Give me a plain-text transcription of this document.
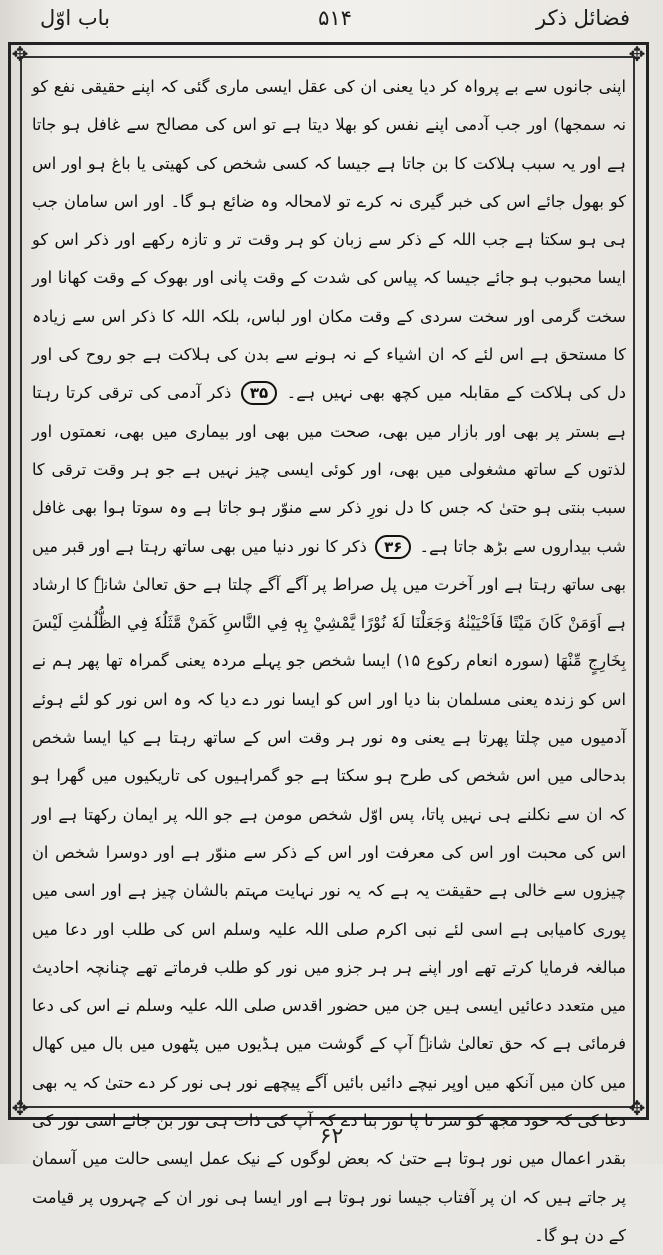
فضائل ذکر
۵۱۴
باب اوّل
✥	✥
✥	✥

اپنی جانوں سے بے پرواہ کر دیا یعنی ان کی عقل ایسی ماری گئی کہ اپنے حقیقی نفع کو نہ سمجھا) اور جب آدمی اپنے نفس کو بھلا دیتا ہے تو اس کی مصالح سے غافل ہو جاتا ہے اور یہ سبب ہلاکت کا بن جاتا ہے جیسا کہ کسی شخص کی کھیتی یا باغ ہو اور اس کو بھول جائے اس کی خبر گیری نہ کرے تو لامحالہ وہ ضائع ہو گا۔ اور اس سامان جب ہی ہو سکتا ہے جب اللہ کے ذکر سے زبان کو ہر وقت تر و تازہ رکھے اور ذکر اس کو ایسا محبوب ہو جائے جیسا کہ پیاس کی شدت کے وقت پانی اور بھوک کے وقت کھانا اور سخت گرمی اور سخت سردی کے وقت مکان اور لباس، بلکہ اللہ کا ذکر اس سے زیادہ کا مستحق ہے اس لئے کہ ان اشیاء کے نہ ہونے سے بدن کی ہلاکت ہے جو روح کی اور دل کی ہلاکت کے مقابلہ میں کچھ بھی نہیں ہے۔ ۳۵ ذکر آدمی کی ترقی کرتا رہتا ہے بستر پر بھی اور بازار میں بھی، صحت میں بھی اور بیماری میں بھی، نعمتوں اور لذتوں کے ساتھ مشغولی میں بھی، اور کوئی ایسی چیز نہیں ہے جو ہر وقت ترقی کا سبب بنتی ہو حتیٰ کہ جس کا دل نورِ ذکر سے منوّر ہو جاتا ہے وہ سوتا ہوا بھی غافل شب بیداروں سے بڑھ جاتا ہے۔ ۳۶ ذکر کا نور دنیا میں بھی ساتھ رہتا ہے اور قبر میں بھی ساتھ رہتا ہے اور آخرت میں پل صراط پر آگے آگے چلتا ہے حق تعالیٰ شانہٗ کا ارشاد ہے اَوَمَنْ كَانَ مَيْتًا فَاَحْيَيْنٰهُ وَجَعَلْنَا لَهٗ نُوْرًا يَّمْشِيْ بِهٖ فِي النَّاسِ كَمَنْ مَّثَلُهٗ فِي الظُّلُمٰتِ لَيْسَ بِخَارِجٍ مِّنْهَا (سورہ انعام رکوع ۱۵) ایسا شخص جو پہلے مردہ یعنی گمراہ تھا پھر ہم نے اس کو زندہ یعنی مسلمان بنا دیا اور اس کو ایسا نور دے دیا کہ وہ اس نور کو لئے ہوئے آدمیوں میں چلتا پھرتا ہے یعنی وہ نور ہر وقت اس کے ساتھ رہتا ہے کیا ایسا شخص بدحالی میں اس شخص کی طرح ہو سکتا ہے جو گمراہیوں کی تاریکیوں میں گھرا ہو کہ ان سے نکلنے ہی نہیں پاتا، پس اوّل شخص مومن ہے جو اللہ پر ایمان رکھتا ہے اور اس کی محبت اور اس کی معرفت اور اس کے ذکر سے منوّر ہے اور دوسرا شخص ان چیزوں سے خالی ہے حقیقت یہ ہے کہ یہ نور نہایت مہتم بالشان چیز ہے اور اسی میں پوری کامیابی ہے اسی لئے نبی اکرم صلی اللہ علیہ وسلم اس کی طلب اور دعا میں مبالغہ فرمایا کرتے تھے اور اپنے ہر ہر جزو میں نور کو طلب فرماتے تھے چنانچہ احادیث میں متعدد دعائیں ایسی ہیں جن میں حضور اقدس صلی اللہ علیہ وسلم نے اس کی دعا فرمائی ہے کہ حق تعالیٰ شانہٗ آپ کے گوشت میں ہڈیوں میں پٹھوں میں بال میں کھال میں کان میں آنکھ میں اوپر نیچے دائیں بائیں آگے پیچھے نور ہی نور کر دے حتیٰ کہ یہ بھی دعا کی کہ خود مجھ کو سر تا پا نور بنا دے کہ آپ کی ذات ہی نور بن جائے اسی نور کی بقدر اعمال میں نور ہوتا ہے حتیٰ کہ بعض لوگوں کے نیک عمل ایسی حالت میں آسمان پر جاتے ہیں کہ ان پر آفتاب جیسا نور ہوتا ہے اور ایسا ہی نور ان کے چہروں پر قیامت کے دن ہو گا۔

۶۲
